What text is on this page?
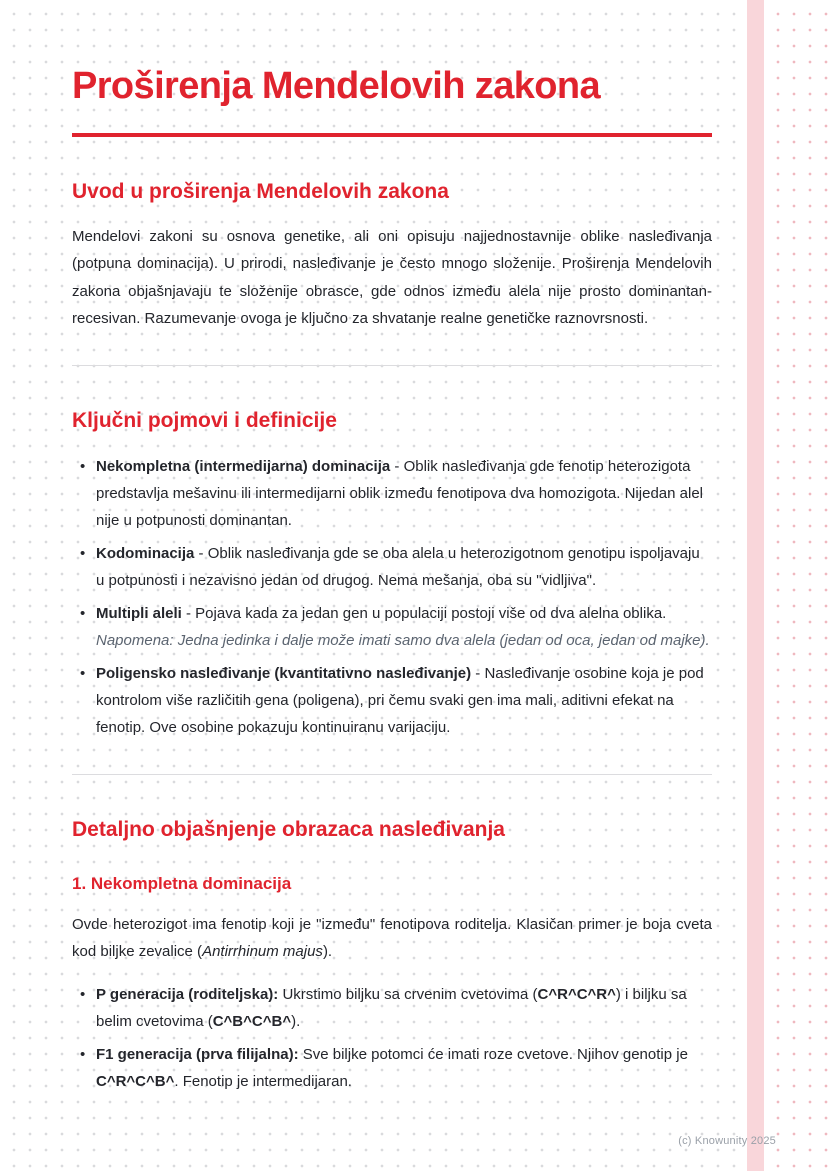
Proširenja Mendelovih zakona
Uvod u proširenja Mendelovih zakona

Mendelovi zakoni su osnova genetike, ali oni opisuju najjednostavnije oblike nasleđivanja (potpuna dominacija). U prirodi, nasleđivanje je često mnogo složenije. Proširenja Mendelovih zakona objašnjavaju te složenije obrasce, gde odnos između alela nije prosto dominantan-recesivan. Razumevanje ovoga je ključno za shvatanje realne genetičke raznovrsnosti.

Ključni pojmovi i definicije
• Nekompletna (intermedijarna) dominacija - Oblik nasleđivanja gde fenotip heterozigota predstavlja mešavinu ili intermedijarni oblik između fenotipova dva homozigota. Nijedan alel nije u potpunosti dominantan.
• Kodominacija - Oblik nasleđivanja gde se oba alela u heterozigotnom genotipu ispoljavaju u potpunosti i nezavisno jedan od drugog. Nema mešanja, oba su "vidljiva".
• Multipli aleli - Pojava kada za jedan gen u populaciji postoji više od dva alelna oblika. Napomena: Jedna jedinka i dalje može imati samo dva alela (jedan od oca, jedan od majke).
• Poligensko nasleđivanje (kvantitativno nasleđivanje) - Nasleđivanje osobine koja je pod kontrolom više različitih gena (poligena), pri čemu svaki gen ima mali, aditivni efekat na fenotip. Ove osobine pokazuju kontinuiranu varijaciju.
Detaljno objašnjenje obrazaca nasleđivanja
1. Nekompletna dominacija

Ovde heterozigot ima fenotip koji je "između" fenotipova roditelja. Klasičan primer je boja cveta kod biljke zevalice (Antirrhinum majus).

• P generacija (roditeljska): Ukrstimo biljku sa crvenim cvetovima (C^R^C^R^) i biljku sa belim cvetovima (C^B^C^B^).
• F1 generacija (prva filijalna): Sve biljke potomci će imati roze cvetove. Njihov genotip je C^R^C^B^. Fenotip je intermedijaran.
(c) Knowunity 2025
